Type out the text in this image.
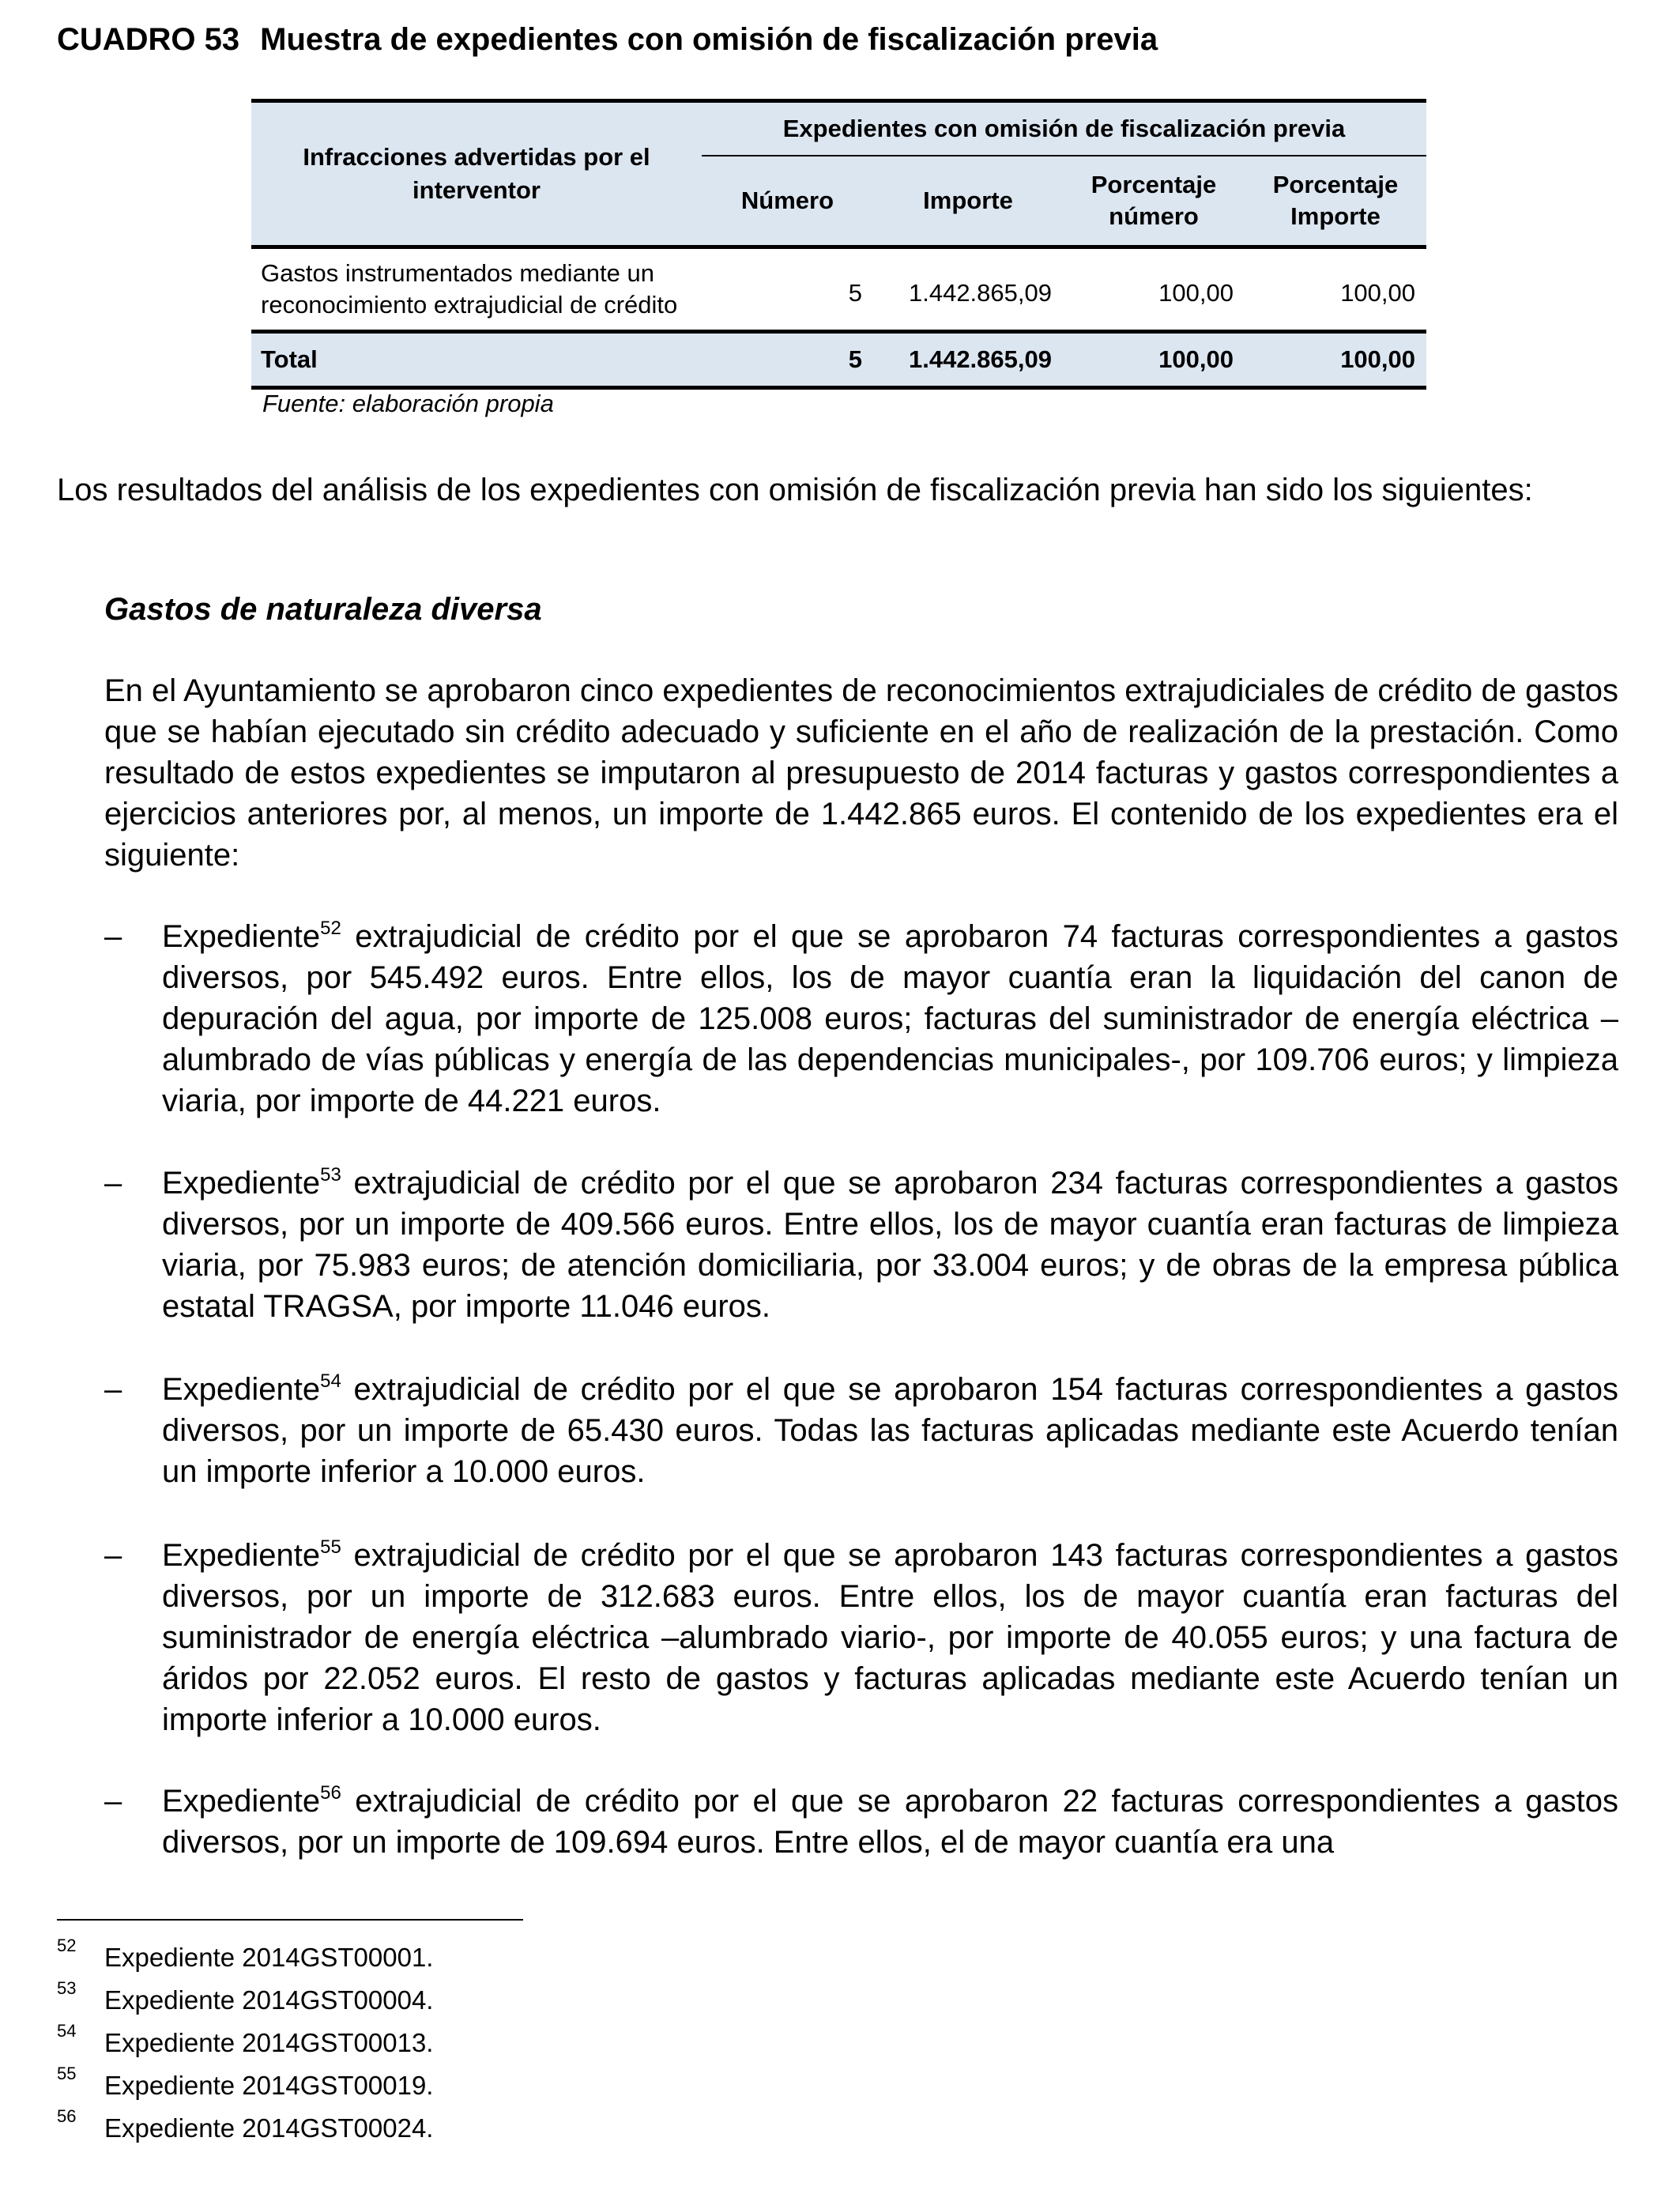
CUADRO 53 Muestra de expedientes con omisión de fiscalización previa
Infracciones advertidas por el interventor	Expedientes con omisión de fiscalización previa			
	Número	Importe	Porcentaje número	Porcentaje Importe
Gastos instrumentados mediante un reconocimiento extrajudicial de crédito	5	1.442.865,09	100,00	100,00
Total	5	1.442.865,09	100,00	100,00
Fuente: elaboración propia
Los resultados del análisis de los expedientes con omisión de fiscalización previa han sido los siguientes:
Gastos de naturaleza diversa
En el Ayuntamiento se aprobaron cinco expedientes de reconocimientos extrajudiciales de crédito de gastos que se habían ejecutado sin crédito adecuado y suficiente en el año de realización de la prestación. Como resultado de estos expedientes se imputaron al presupuesto de 2014 facturas y gastos correspondientes a ejercicios anteriores por, al menos, un importe de 1.442.865 euros. El contenido de los expedientes era el siguiente:
–	Expediente$^{52}$ extrajudicial de crédito por el que se aprobaron 74 facturas correspondientes a gastos diversos, por 545.492 euros. Entre ellos, los de mayor cuantía eran la liquidación del canon de depuración del agua, por importe de 125.008 euros; facturas del suministrador de energía eléctrica –alumbrado de vías públicas y energía de las dependencias municipales-, por 109.706 euros; y limpieza viaria, por importe de 44.221 euros.
–	Expediente$^{53}$ extrajudicial de crédito por el que se aprobaron 234 facturas correspondientes a gastos diversos, por un importe de 409.566 euros. Entre ellos, los de mayor cuantía eran facturas de limpieza viaria, por 75.983 euros; de atención domiciliaria, por 33.004 euros; y de obras de la empresa pública estatal TRAGSA, por importe 11.046 euros.
–	Expediente$^{54}$ extrajudicial de crédito por el que se aprobaron 154 facturas correspondientes a gastos diversos, por un importe de 65.430 euros. Todas las facturas aplicadas mediante este Acuerdo tenían un importe inferior a 10.000 euros.
–	Expediente$^{55}$ extrajudicial de crédito por el que se aprobaron 143 facturas correspondientes a gastos diversos, por un importe de 312.683 euros. Entre ellos, los de mayor cuantía eran facturas del suministrador de energía eléctrica –alumbrado viario-, por importe de 40.055 euros; y una factura de áridos por 22.052 euros. El resto de gastos y facturas aplicadas mediante este Acuerdo tenían un importe inferior a 10.000 euros.
–	Expediente$^{56}$ extrajudicial de crédito por el que se aprobaron 22 facturas correspondientes a gastos diversos, por un importe de 109.694 euros. Entre ellos, el de mayor cuantía era una
52 Expediente 2014GST00001.
53 Expediente 2014GST00004.
54 Expediente 2014GST00013.
55 Expediente 2014GST00019.
56 Expediente 2014GST00024.
